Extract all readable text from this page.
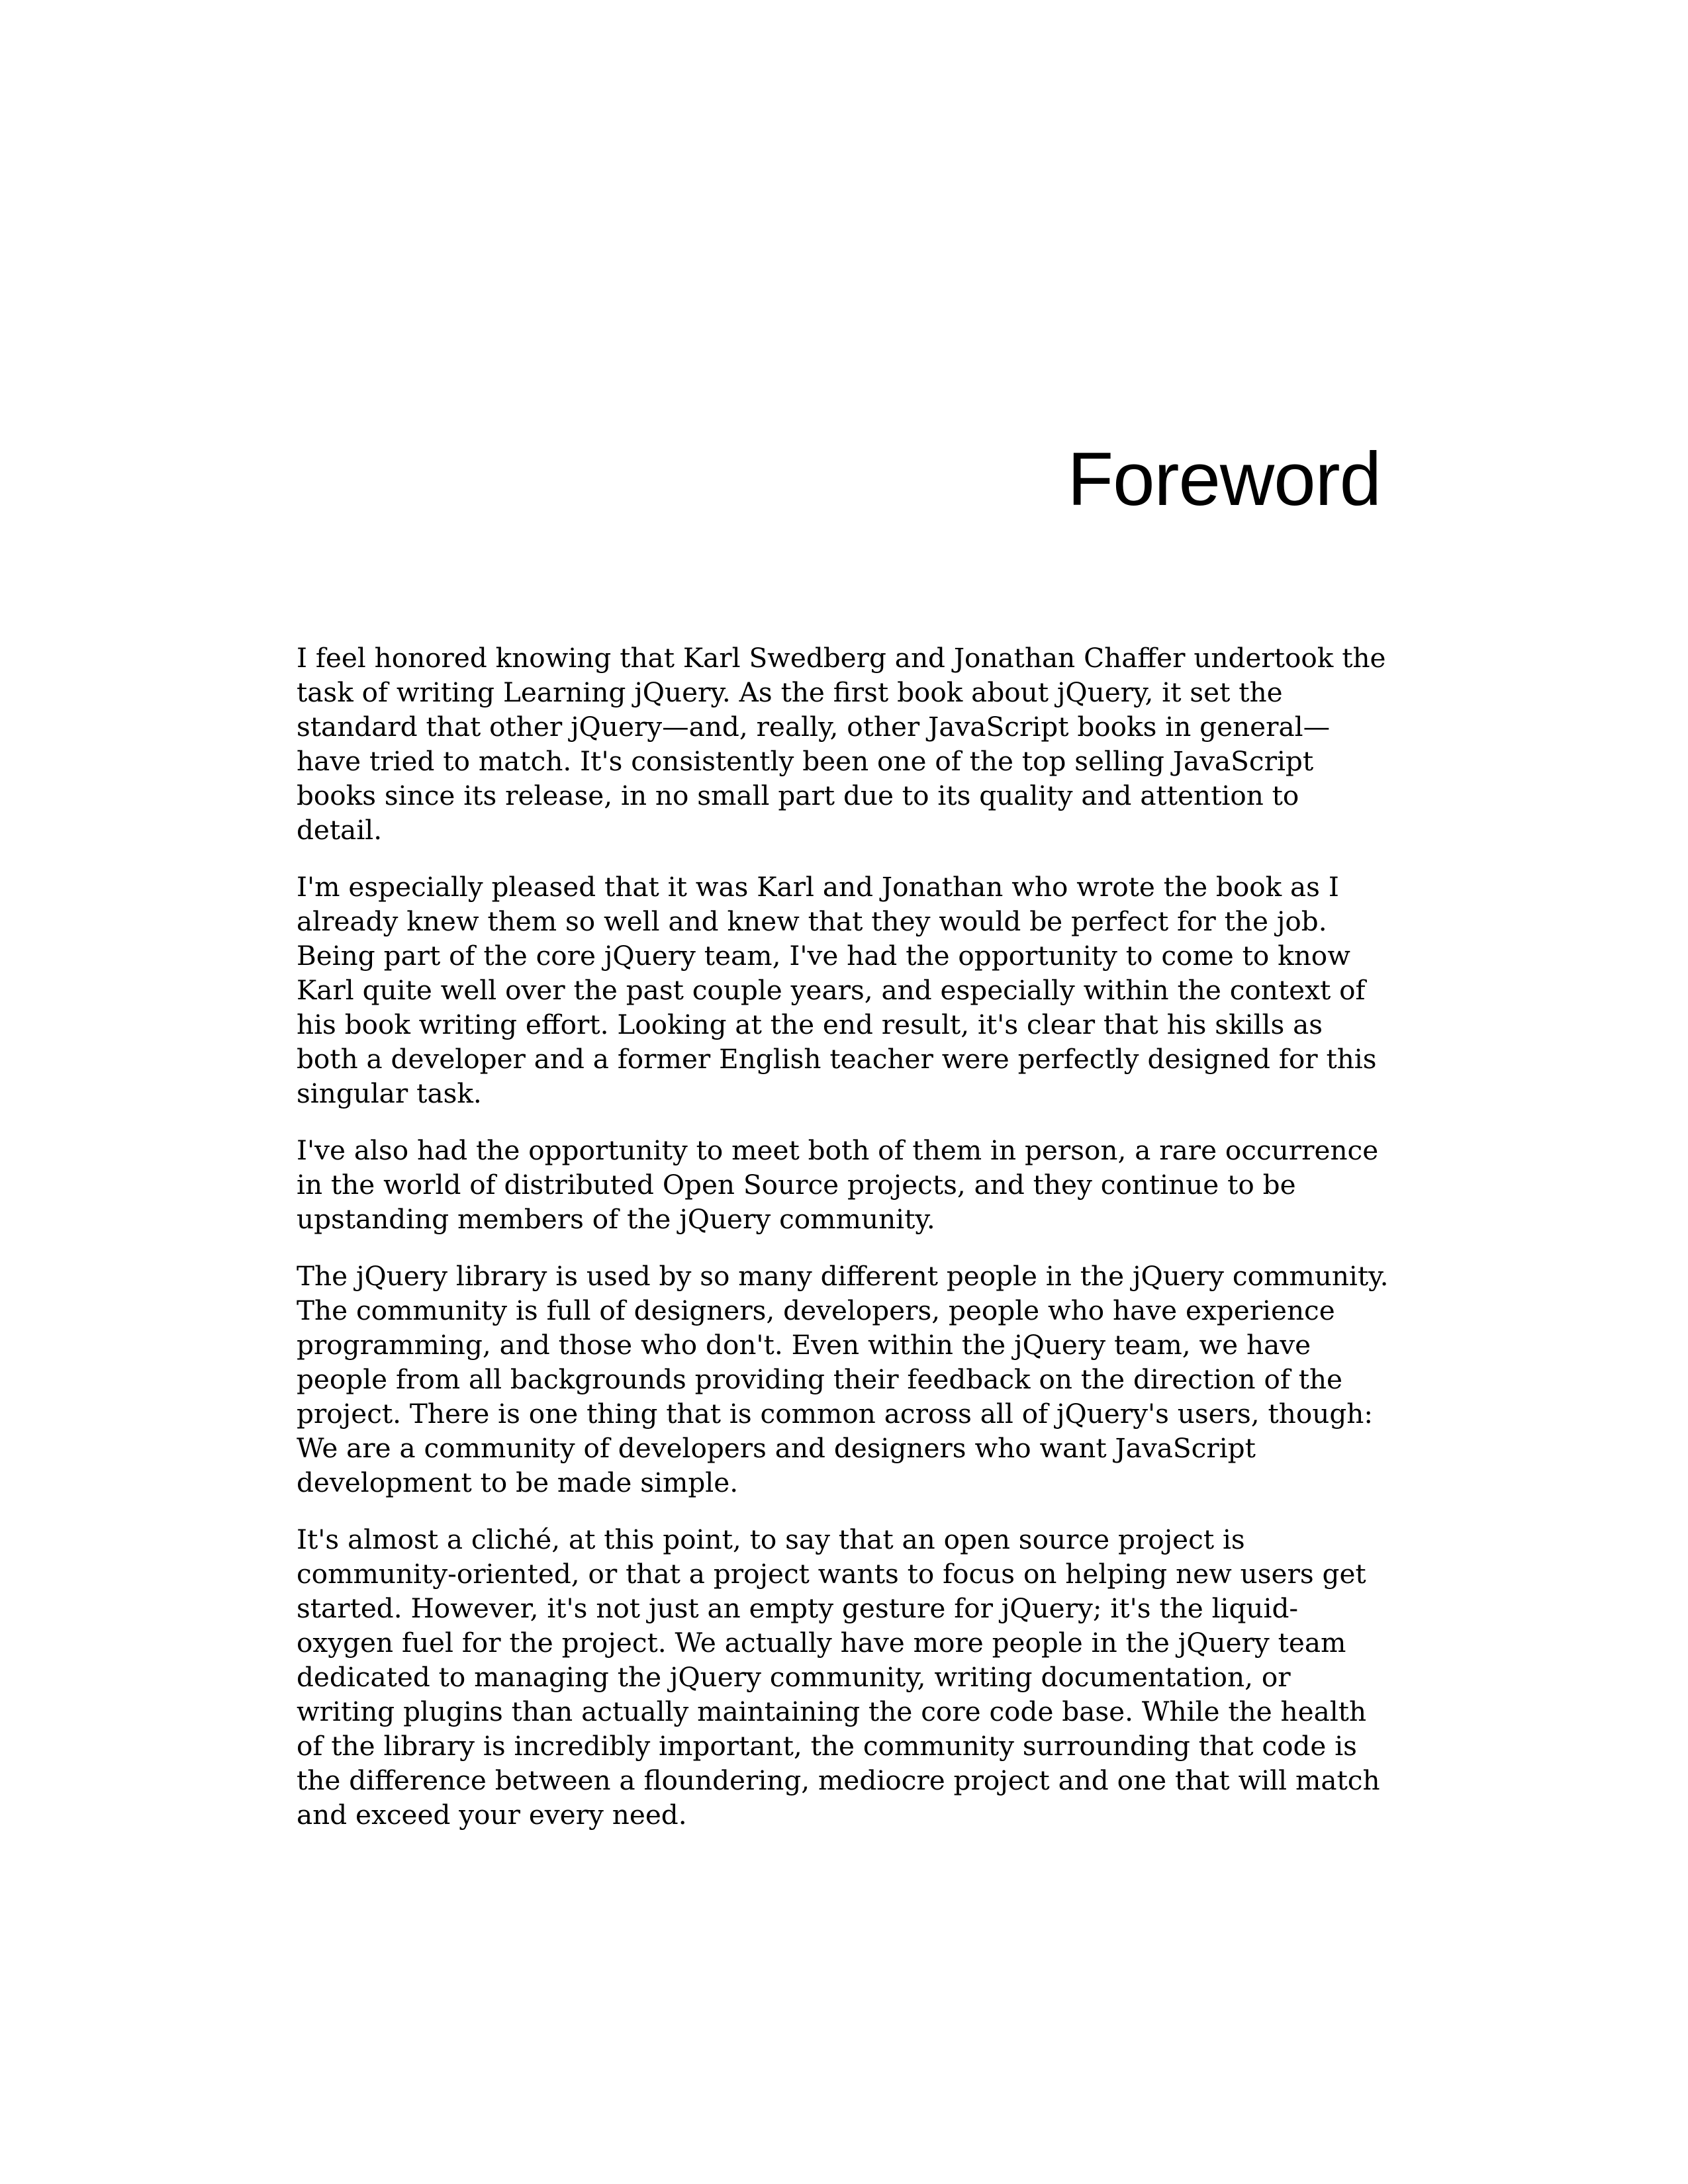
Foreword

I feel honored knowing that Karl Swedberg and Jonathan Chaffer undertook the task of writing Learning jQuery. As the first book about jQuery, it set the standard that other jQuery—and, really, other JavaScript books in general—have tried to match. It's consistently been one of the top selling JavaScript books since its release, in no small part due to its quality and attention to detail.

I'm especially pleased that it was Karl and Jonathan who wrote the book as I already knew them so well and knew that they would be perfect for the job. Being part of the core jQuery team, I've had the opportunity to come to know Karl quite well over the past couple years, and especially within the context of his book writing effort. Looking at the end result, it's clear that his skills as both a developer and a former English teacher were perfectly designed for this singular task.

I've also had the opportunity to meet both of them in person, a rare occurrence in the world of distributed Open Source projects, and they continue to be upstanding members of the jQuery community.

The jQuery library is used by so many different people in the jQuery community. The community is full of designers, developers, people who have experience programming, and those who don't. Even within the jQuery team, we have people from all backgrounds providing their feedback on the direction of the project. There is one thing that is common across all of jQuery's users, though: We are a community of developers and designers who want JavaScript development to be made simple.

It's almost a cliché, at this point, to say that an open source project is community-oriented, or that a project wants to focus on helping new users get started. However, it's not just an empty gesture for jQuery; it's the liquid-oxygen fuel for the project. We actually have more people in the jQuery team dedicated to managing the jQuery community, writing documentation, or writing plugins than actually maintaining the core code base. While the health of the library is incredibly important, the community surrounding that code is the difference between a floundering, mediocre project and one that will match and exceed your every need.
